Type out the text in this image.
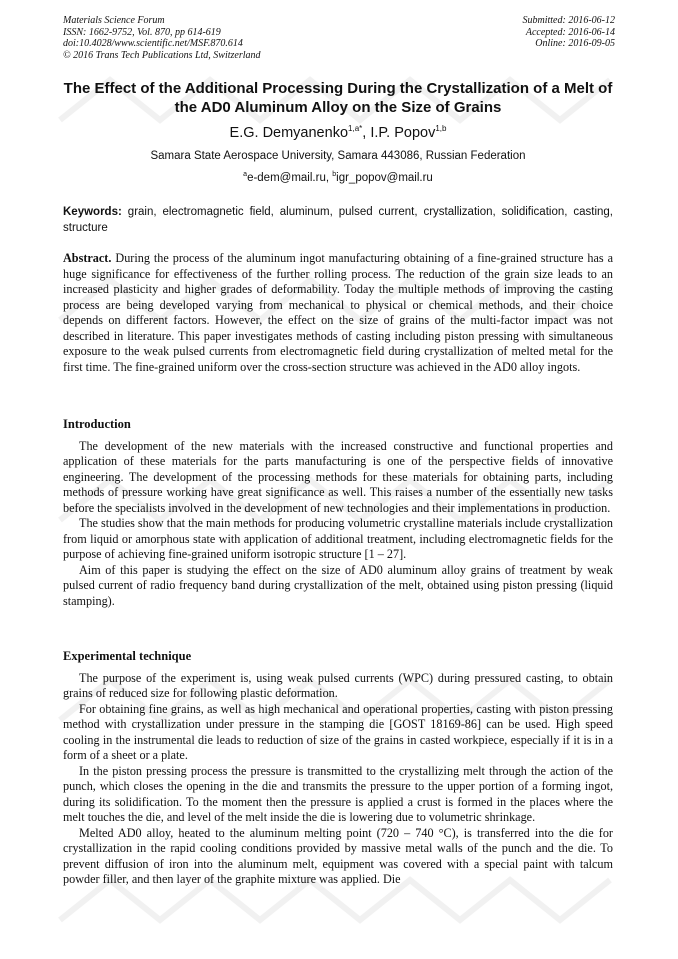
Materials Science Forum
ISSN: 1662-9752, Vol. 870, pp 614-619
doi:10.4028/www.scientific.net/MSF.870.614
© 2016 Trans Tech Publications Ltd, Switzerland
Submitted: 2016-06-12
Accepted: 2016-06-14
Online: 2016-09-05
The Effect of the Additional Processing During the Crystallization of a Melt of the AD0 Aluminum Alloy on the Size of Grains
E.G. Demyanenko$^{1,a*}$, I.P. Popov$^{1,b}$
Samara State Aerospace University, Samara 443086, Russian Federation
$^a$e-dem@mail.ru, $^b$igr_popov@mail.ru
Keywords: grain, electromagnetic field, aluminum, pulsed current, crystallization, solidification, casting, structure
Abstract. During the process of the aluminum ingot manufacturing obtaining of a fine-grained structure has a huge significance for effectiveness of the further rolling process. The reduction of the grain size leads to an increased plasticity and higher grades of deformability. Today the multiple methods of improving the casting process are being developed varying from mechanical to physical or chemical methods, and their choice depends on different factors. However, the effect on the size of grains of the multi-factor impact was not described in literature. This paper investigates methods of casting including piston pressing with simultaneous exposure to the weak pulsed currents from electromagnetic field during crystallization of melted metal for the first time. The fine-grained uniform over the cross-section structure was achieved in the AD0 alloy ingots.
Introduction

The development of the new materials with the increased constructive and functional properties and application of these materials for the parts manufacturing is one of the perspective fields of innovative engineering. The development of the processing methods for these materials for obtaining parts, including methods of pressure working have great significance as well. This raises a number of the essentially new tasks before the specialists involved in the development of new technologies and their implementations in production.

The studies show that the main methods for producing volumetric crystalline materials include crystallization from liquid or amorphous state with application of additional treatment, including electromagnetic fields for the purpose of achieving fine-grained uniform isotropic structure [1 – 27].

Aim of this paper is studying the effect on the size of AD0 aluminum alloy grains of treatment by weak pulsed current of radio frequency band during crystallization of the melt, obtained using piston pressing (liquid stamping).

Experimental technique

The purpose of the experiment is, using weak pulsed currents (WPC) during pressured casting, to obtain grains of reduced size for following plastic deformation.

For obtaining fine grains, as well as high mechanical and operational properties, casting with piston pressing method with crystallization under pressure in the stamping die [GOST 18169-86] can be used. High speed cooling in the instrumental die leads to reduction of size of the grains in casted workpiece, especially if it is in a form of a sheet or a plate.

In the piston pressing process the pressure is transmitted to the crystallizing melt through the action of the punch, which closes the opening in the die and transmits the pressure to the upper portion of a forming ingot, during its solidification. To the moment then the pressure is applied a crust is formed in the places where the melt touches the die, and level of the melt inside the die is lowering due to volumetric shrinkage.

Melted AD0 alloy, heated to the aluminum melting point (720 – 740 °C), is transferred into the die for crystallization in the rapid cooling conditions provided by massive metal walls of the punch and the die. To prevent diffusion of iron into the aluminum melt, equipment was covered with a special paint with talcum powder filler, and then layer of the graphite mixture was applied. Die
